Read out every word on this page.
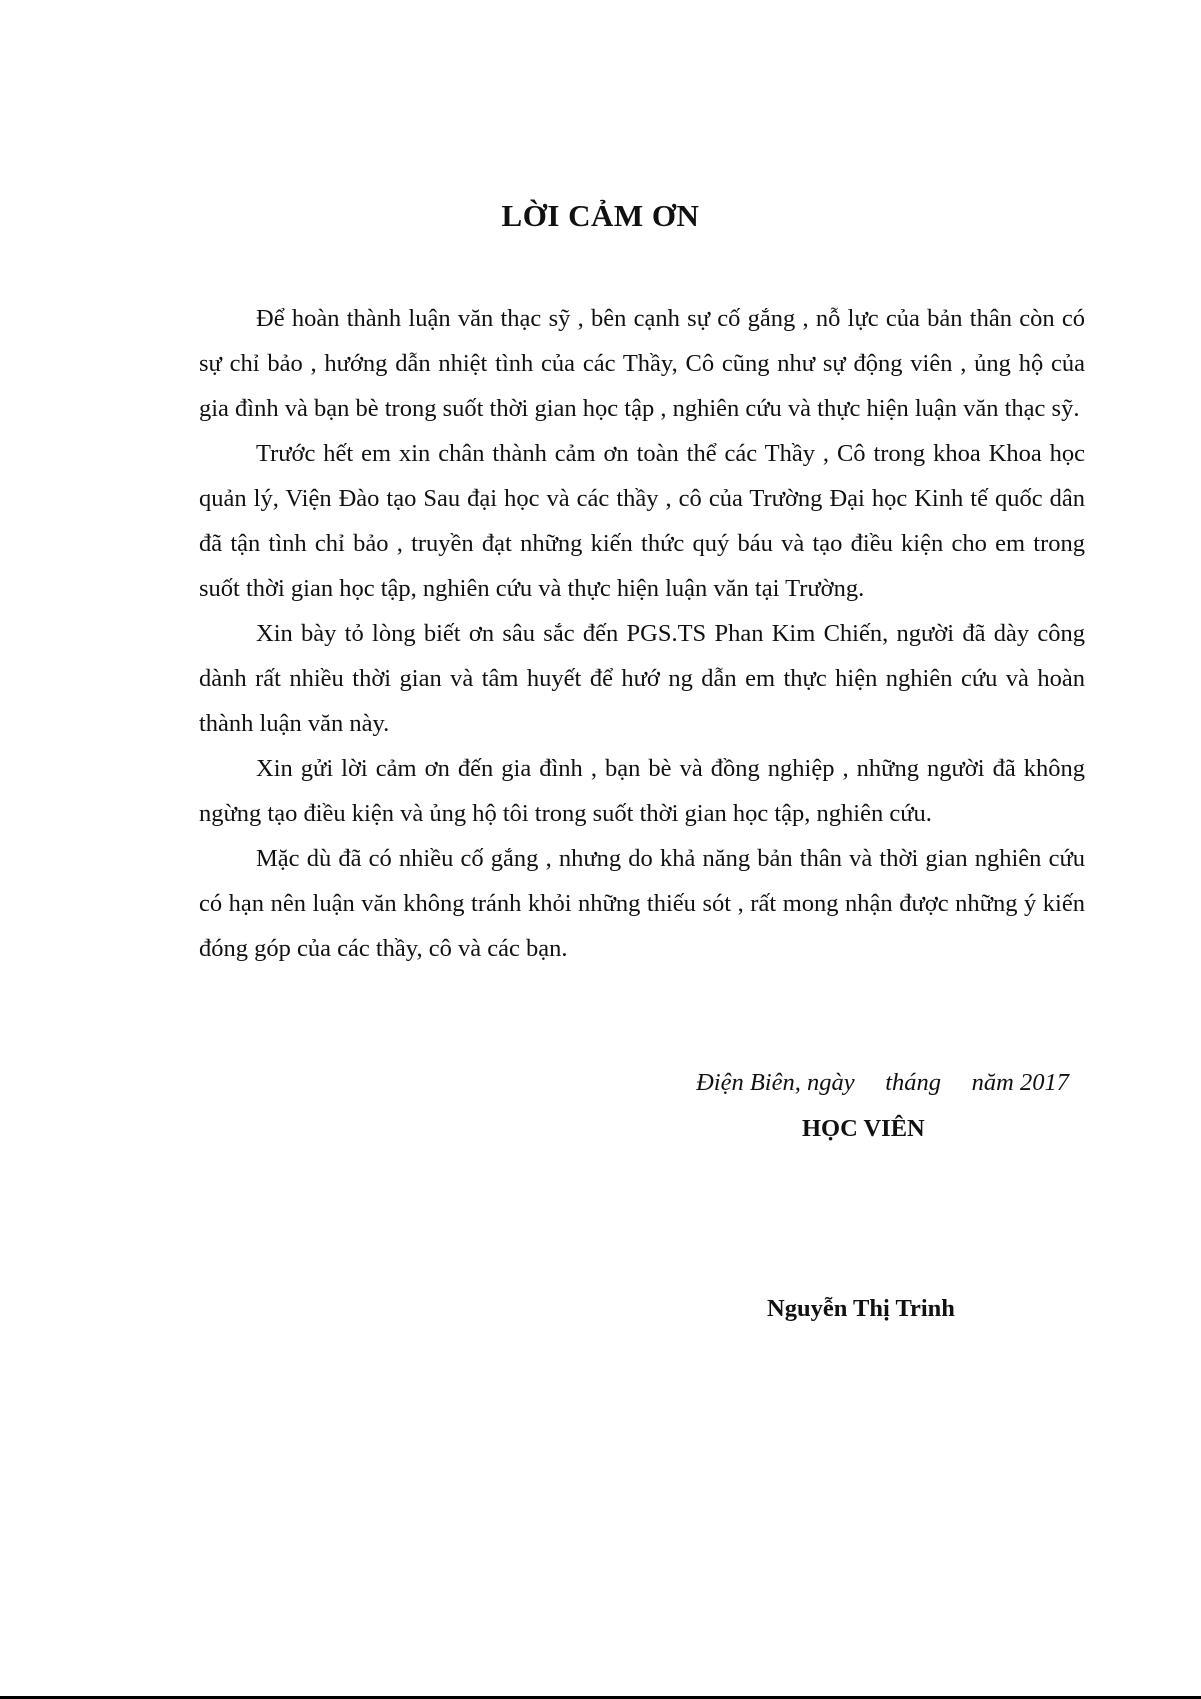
LỜI CẢM ƠN

Để hoàn thành luận văn thạc sỹ , bên cạnh sự cố gắng , nỗ lực của bản thân còn có sự chỉ bảo , hướng dẫn nhiệt tình của các Thầy, Cô cũng như sự động viên , ủng hộ của gia đình và bạn bè trong suốt thời gian học tập , nghiên cứu và thực hiện luận văn thạc sỹ.

Trước hết em xin chân thành cảm ơn toàn thể các Thầy , Cô trong khoa Khoa học quản lý, Viện Đào tạo Sau đại học và các thầy , cô của Trường Đại học Kinh tế quốc dân đã tận tình chỉ bảo , truyền đạt những kiến thức quý báu và tạo điều kiện cho em trong suốt thời gian học tập, nghiên cứu và thực hiện luận văn tại Trường.

Xin bày tỏ lòng biết ơn sâu sắc đến PGS.TS Phan Kim Chiến, người đã dày công dành rất nhiều thời gian và tâm huyết để hướ ng dẫn em thực hiện nghiên cứu và hoàn thành luận văn này.

Xin gửi lời cảm ơn đến gia đình , bạn bè và đồng nghiệp , những người đã không ngừng tạo điều kiện và ủng hộ tôi trong suốt thời gian học tập, nghiên cứu.

Mặc dù đã có nhiều cố gắng , nhưng do khả năng bản thân và thời gian nghiên cứu có hạn nên luận văn không tránh khỏi những thiếu sót , rất mong nhận được những ý kiến đóng góp của các thầy, cô và các bạn.

Điện Biên, ngày     tháng     năm 2017
HỌC VIÊN
Nguyễn Thị Trinh
